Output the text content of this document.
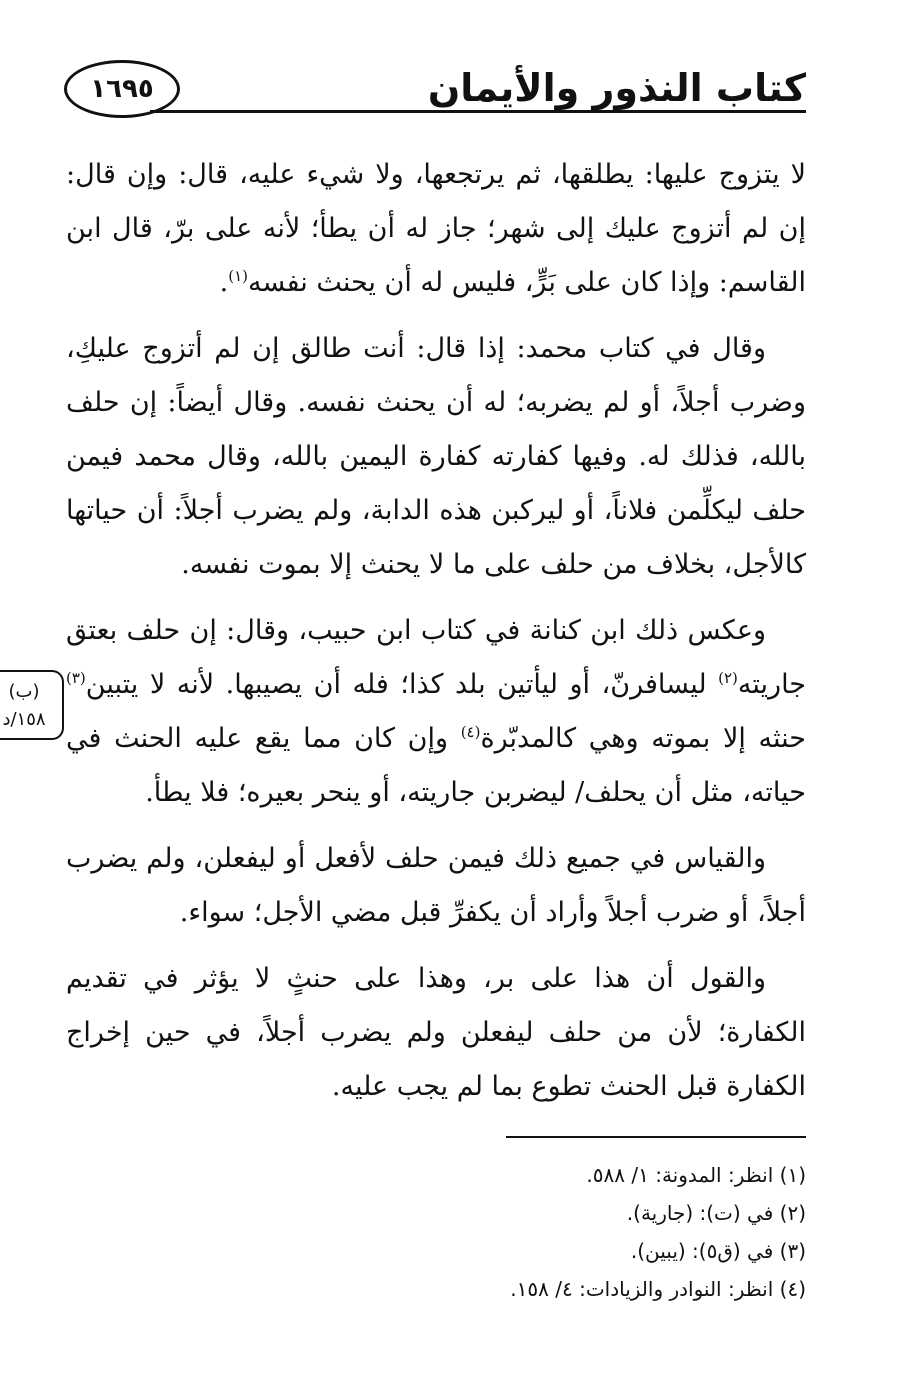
كتاب النذور والأيمان
١٦٩٥

لا يتزوج عليها: يطلقها، ثم يرتجعها، ولا شيء عليه، قال: وإن قال: إن لم أتزوج عليك إلى شهر؛ جاز له أن يطأ؛ لأنه على برّ، قال ابن القاسم: وإذا كان على بَرٍّ، فليس له أن يحنث نفسه$^{(١)}$.

وقال في كتاب محمد: إذا قال: أنت طالق إن لم أتزوج عليكِ، وضرب أجلاً، أو لم يضربه؛ له أن يحنث نفسه. وقال أيضاً: إن حلف بالله، فذلك له. وفيها كفارته كفارة اليمين بالله، وقال محمد فيمن حلف ليكلِّمن فلاناً، أو ليركبن هذه الدابة، ولم يضرب أجلاً: أن حياتها كالأجل، بخلاف من حلف على ما لا يحنث إلا بموت نفسه.

وعكس ذلك ابن كنانة في كتاب ابن حبيب، وقال: إن حلف بعتق جاريته$^{(٢)}$ ليسافرنّ، أو ليأتين بلد كذا؛ فله أن يصيبها. لأنه لا يتبين$^{(٣)}$ حنثه إلا بموته وهي كالمدبّرة$^{(٤)}$ وإن كان مما يقع عليه الحنث في حياته، مثل أن يحلف/ ليضربن جاريته، أو ينحر بعيره؛ فلا يطأ.

والقياس في جميع ذلك فيمن حلف لأفعل أو ليفعلن، ولم يضرب أجلاً، أو ضرب أجلاً وأراد أن يكفرِّ قبل مضي الأجل؛ سواء.

والقول أن هذا على بر، وهذا على حنثٍ لا يؤثر في تقديم الكفارة؛ لأن من حلف ليفعلن ولم يضرب أجلاً، في حين إخراج الكفارة قبل الحنث تطوع بما لم يجب عليه.

(ب)
١٥٨/د
(١) انظر: المدونة: ١/ ٥٨٨.
(٢) في (ت): (جارية).
(٣) في (ق٥): (يبين).
(٤) انظر: النوادر والزيادات: ٤/ ١٥٨.
